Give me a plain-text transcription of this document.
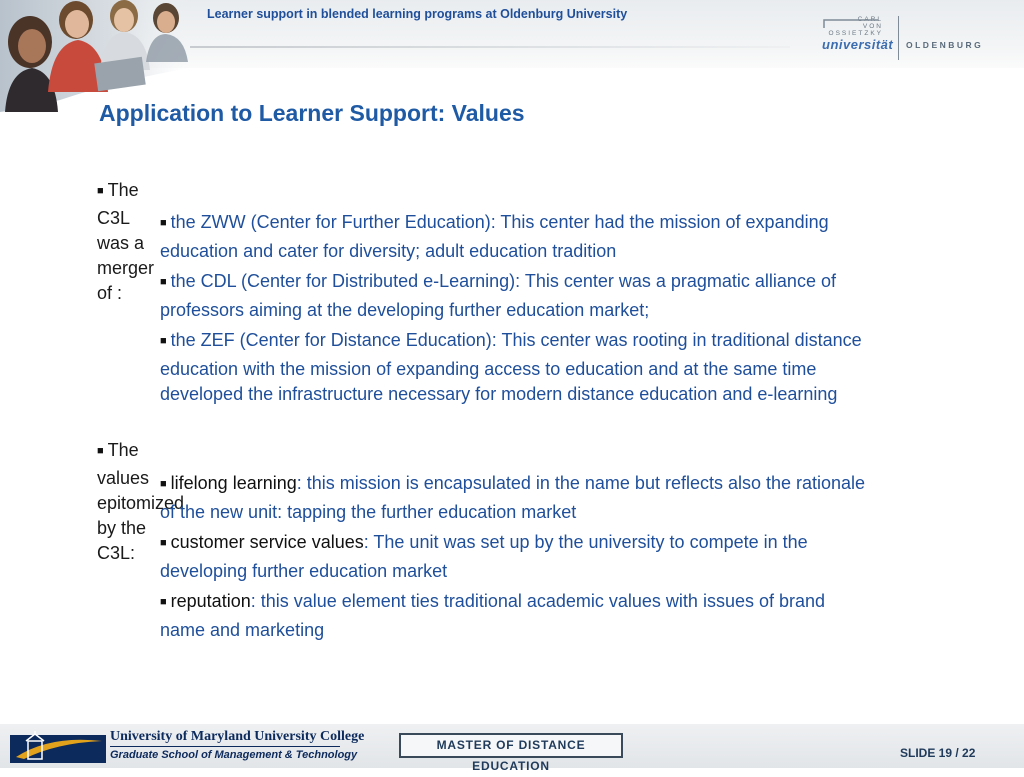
Learner support in blended learning programs at Oldenburg University	CARL
VON
OSSIETZKY
universität OLDENBURG
Application to Learner Support: Values
■ The C3L was a merger of :
■ the ZWW (Center for Further Education): This center had the mission of expanding education and cater for diversity; adult education tradition
■ the CDL (Center for Distributed e-Learning): This center was a pragmatic alliance of professors aiming at the developing further education market;
■ the ZEF (Center for Distance Education): This center was rooting in traditional distance education with the mission of expanding access to education and at the same time developed the infrastructure necessary for modern distance education and e-learning
■ The values epitomized by the C3L:
■ lifelong learning: this mission is encapsulated in the name but reflects also the rationale of the new unit: tapping the further education market
■ customer service values: The unit was set up by the university to compete in the developing further education market
■ reputation: this value element ties traditional academic values with issues of brand name and marketing
University of Maryland University College
Graduate School of Management & Technology
MASTER OF DISTANCE EDUCATION
SLIDE 19 / 22
